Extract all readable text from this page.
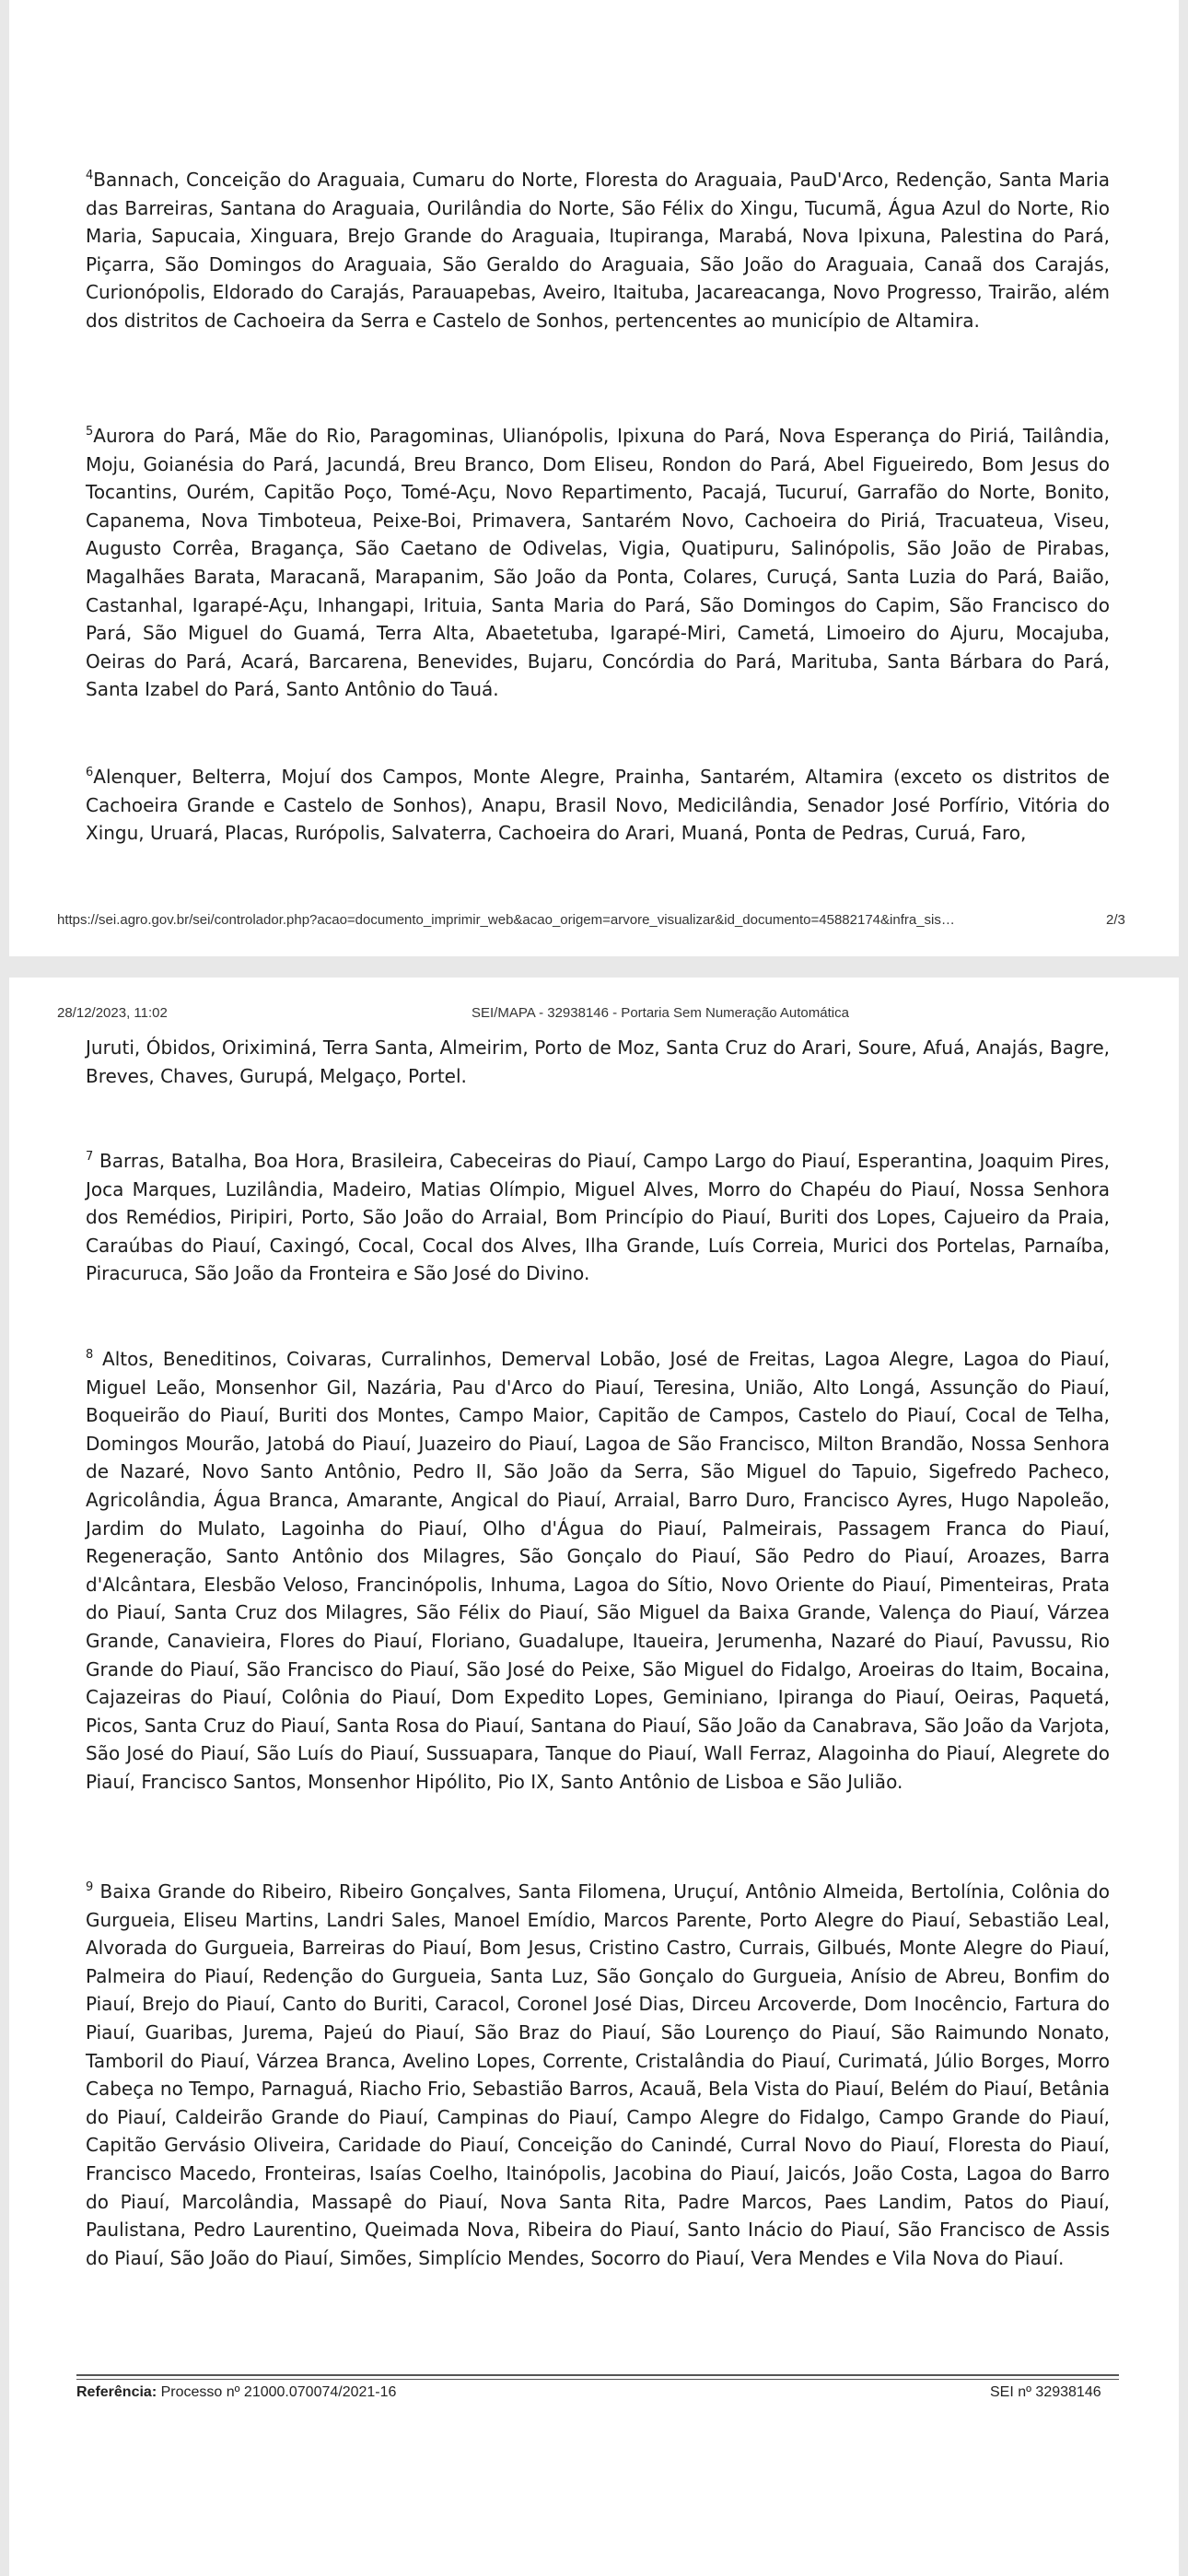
$^4$Bannach, Conceição do Araguaia, Cumaru do Norte, Floresta do Araguaia, PauD'Arco, Redenção, Santa Maria das Barreiras, Santana do Araguaia, Ourilândia do Norte, São Félix do Xingu, Tucumã, Água Azul do Norte, Rio Maria, Sapucaia, Xinguara, Brejo Grande do Araguaia, Itupiranga, Marabá, Nova Ipixuna, Palestina do Pará, Piçarra, São Domingos do Araguaia, São Geraldo do Araguaia, São João do Araguaia, Canaã dos Carajás, Curionópolis, Eldorado do Carajás, Parauapebas, Aveiro, Itaituba, Jacareacanga, Novo Progresso, Trairão, além dos distritos de Cachoeira da Serra e Castelo de Sonhos, pertencentes ao município de Altamira.

$^5$Aurora do Pará, Mãe do Rio, Paragominas, Ulianópolis, Ipixuna do Pará, Nova Esperança do Piriá, Tailândia, Moju, Goianésia do Pará, Jacundá, Breu Branco, Dom Eliseu, Rondon do Pará, Abel Figueiredo, Bom Jesus do Tocantins, Ourém, Capitão Poço, Tomé-Açu, Novo Repartimento, Pacajá, Tucuruí, Garrafão do Norte, Bonito, Capanema, Nova Timboteua, Peixe-Boi, Primavera, Santarém Novo, Cachoeira do Piriá, Tracuateua, Viseu, Augusto Corrêa, Bragança, São Caetano de Odivelas, Vigia, Quatipuru, Salinópolis, São João de Pirabas, Magalhães Barata, Maracanã, Marapanim, São João da Ponta, Colares, Curuçá, Santa Luzia do Pará, Baião, Castanhal, Igarapé-Açu, Inhangapi, Irituia, Santa Maria do Pará, São Domingos do Capim, São Francisco do Pará, São Miguel do Guamá, Terra Alta, Abaetetuba, Igarapé-Miri, Cametá, Limoeiro do Ajuru, Mocajuba, Oeiras do Pará, Acará, Barcarena, Benevides, Bujaru, Concórdia do Pará, Marituba, Santa Bárbara do Pará, Santa Izabel do Pará, Santo Antônio do Tauá.

$^6$Alenquer, Belterra, Mojuí dos Campos, Monte Alegre, Prainha, Santarém, Altamira (exceto os distritos de Cachoeira Grande e Castelo de Sonhos), Anapu, Brasil Novo, Medicilândia, Senador José Porfírio, Vitória do Xingu, Uruará, Placas, Rurópolis, Salvaterra, Cachoeira do Arari, Muaná, Ponta de Pedras, Curuá, Faro,

https://sei.agro.gov.br/sei/controlador.php?acao=documento_imprimir_web&acao_origem=arvore_visualizar&id_documento=45882174&infra_sis…	2/3
28/12/2023, 11:02	SEI/MAPA - 32938146 - Portaria Sem Numeração Automática

Juruti, Óbidos, Oriximiná, Terra Santa, Almeirim, Porto de Moz, Santa Cruz do Arari, Soure, Afuá, Anajás, Bagre, Breves, Chaves, Gurupá, Melgaço, Portel.

$^7$ Barras, Batalha, Boa Hora, Brasileira, Cabeceiras do Piauí, Campo Largo do Piauí, Esperantina, Joaquim Pires, Joca Marques, Luzilândia, Madeiro, Matias Olímpio, Miguel Alves, Morro do Chapéu do Piauí, Nossa Senhora dos Remédios, Piripiri, Porto, São João do Arraial, Bom Princípio do Piauí, Buriti dos Lopes, Cajueiro da Praia, Caraúbas do Piauí, Caxingó, Cocal, Cocal dos Alves, Ilha Grande, Luís Correia, Murici dos Portelas, Parnaíba, Piracuruca, São João da Fronteira e São José do Divino.

$^8$ Altos, Beneditinos, Coivaras, Curralinhos, Demerval Lobão, José de Freitas, Lagoa Alegre, Lagoa do Piauí, Miguel Leão, Monsenhor Gil, Nazária, Pau d'Arco do Piauí, Teresina, União, Alto Longá, Assunção do Piauí, Boqueirão do Piauí, Buriti dos Montes, Campo Maior, Capitão de Campos, Castelo do Piauí, Cocal de Telha, Domingos Mourão, Jatobá do Piauí, Juazeiro do Piauí, Lagoa de São Francisco, Milton Brandão, Nossa Senhora de Nazaré, Novo Santo Antônio, Pedro II, São João da Serra, São Miguel do Tapuio, Sigefredo Pacheco, Agricolândia, Água Branca, Amarante, Angical do Piauí, Arraial, Barro Duro, Francisco Ayres, Hugo Napoleão, Jardim do Mulato, Lagoinha do Piauí, Olho d'Água do Piauí, Palmeirais, Passagem Franca do Piauí, Regeneração, Santo Antônio dos Milagres, São Gonçalo do Piauí, São Pedro do Piauí, Aroazes, Barra d'Alcântara, Elesbão Veloso, Francinópolis, Inhuma, Lagoa do Sítio, Novo Oriente do Piauí, Pimenteiras, Prata do Piauí, Santa Cruz dos Milagres, São Félix do Piauí, São Miguel da Baixa Grande, Valença do Piauí, Várzea Grande, Canavieira, Flores do Piauí, Floriano, Guadalupe, Itaueira, Jerumenha, Nazaré do Piauí, Pavussu, Rio Grande do Piauí, São Francisco do Piauí, São José do Peixe, São Miguel do Fidalgo, Aroeiras do Itaim, Bocaina, Cajazeiras do Piauí, Colônia do Piauí, Dom Expedito Lopes, Geminiano, Ipiranga do Piauí, Oeiras, Paquetá, Picos, Santa Cruz do Piauí, Santa Rosa do Piauí, Santana do Piauí, São João da Canabrava, São João da Varjota, São José do Piauí, São Luís do Piauí, Sussuapara, Tanque do Piauí, Wall Ferraz, Alagoinha do Piauí, Alegrete do Piauí, Francisco Santos, Monsenhor Hipólito, Pio IX, Santo Antônio de Lisboa e São Julião.

$^9$ Baixa Grande do Ribeiro, Ribeiro Gonçalves, Santa Filomena, Uruçuí, Antônio Almeida, Bertolínia, Colônia do Gurgueia, Eliseu Martins, Landri Sales, Manoel Emídio, Marcos Parente, Porto Alegre do Piauí, Sebastião Leal, Alvorada do Gurgueia, Barreiras do Piauí, Bom Jesus, Cristino Castro, Currais, Gilbués, Monte Alegre do Piauí, Palmeira do Piauí, Redenção do Gurgueia, Santa Luz, São Gonçalo do Gurgueia, Anísio de Abreu, Bonfim do Piauí, Brejo do Piauí, Canto do Buriti, Caracol, Coronel José Dias, Dirceu Arcoverde, Dom Inocêncio, Fartura do Piauí, Guaribas, Jurema, Pajeú do Piauí, São Braz do Piauí, São Lourenço do Piauí, São Raimundo Nonato, Tamboril do Piauí, Várzea Branca, Avelino Lopes, Corrente, Cristalândia do Piauí, Curimatá, Júlio Borges, Morro Cabeça no Tempo, Parnaguá, Riacho Frio, Sebastião Barros, Acauã, Bela Vista do Piauí, Belém do Piauí, Betânia do Piauí, Caldeirão Grande do Piauí, Campinas do Piauí, Campo Alegre do Fidalgo, Campo Grande do Piauí, Capitão Gervásio Oliveira, Caridade do Piauí, Conceição do Canindé, Curral Novo do Piauí, Floresta do Piauí, Francisco Macedo, Fronteiras, Isaías Coelho, Itainópolis, Jacobina do Piauí, Jaicós, João Costa, Lagoa do Barro do Piauí, Marcolândia, Massapê do Piauí, Nova Santa Rita, Padre Marcos, Paes Landim, Patos do Piauí, Paulistana, Pedro Laurentino, Queimada Nova, Ribeira do Piauí, Santo Inácio do Piauí, São Francisco de Assis do Piauí, São João do Piauí, Simões, Simplício Mendes, Socorro do Piauí, Vera Mendes e Vila Nova do Piauí.

Referência: Processo nº 21000.070074/2021-16	SEI nº 32938146
